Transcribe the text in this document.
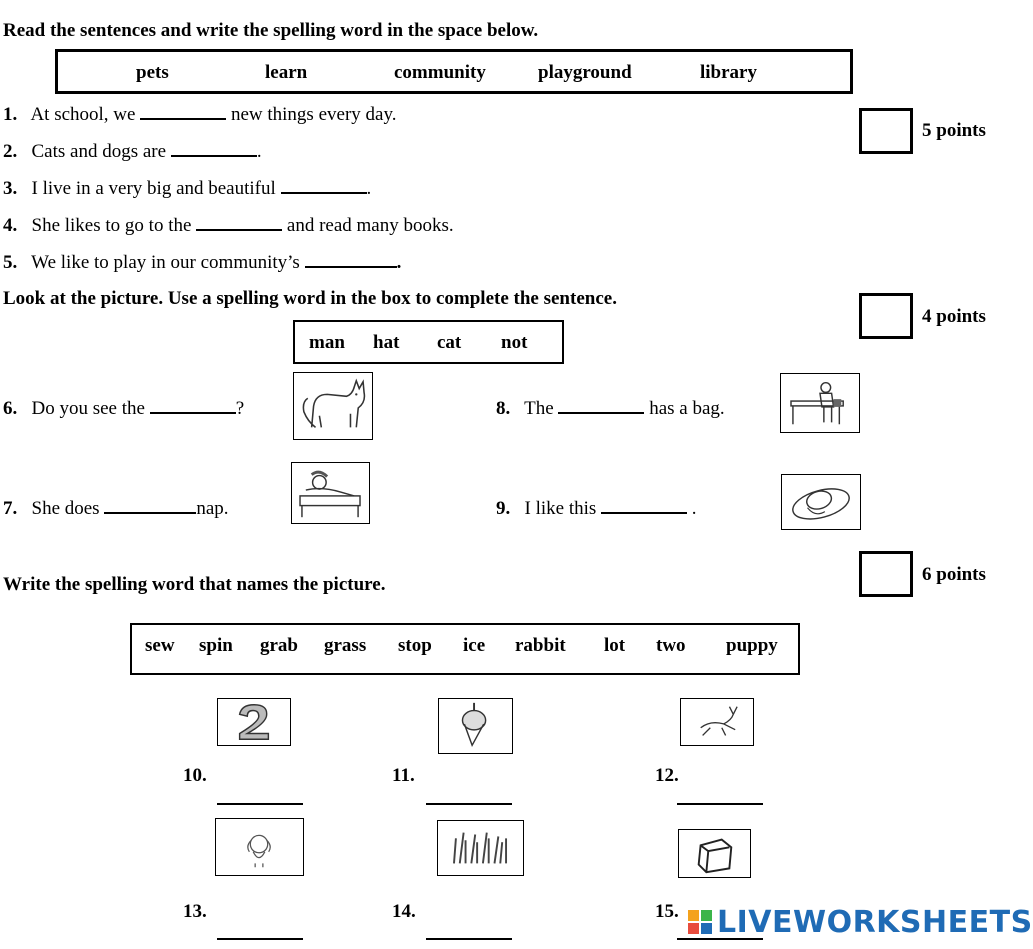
Read the sentences and write the spelling word in the space below.
pets	learn	community	playground	library
5 points
1. At school, we	new things every day.
2. Cats and dogs are	.
3. I live in a very big and beautiful	.
4. She likes to go to the	and read many books.
5. We like to play in our community’s	.
Look at the picture. Use a spelling word in the box to complete the sentence.
4 points
man hat cat not
6. Do you see the	?
7. She does	nap.
8. The	has a bag.
9. I like this	.
Write the spelling word that names the picture.	6 points
sew spin grab grass stop ice rabbit lot two puppy
10.	11.	12.
13.	14.	15. LIVEWORKSHEETS
